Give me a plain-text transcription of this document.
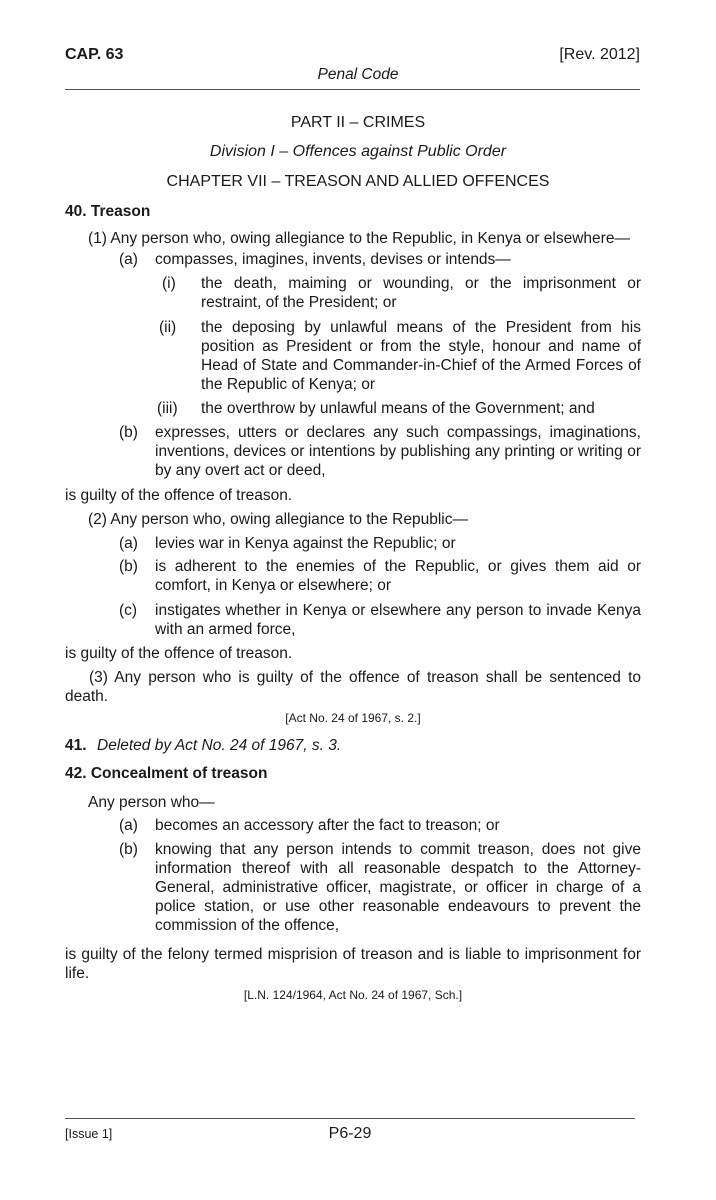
CAP. 63	[Rev. 2012]
Penal Code
PART II – CRIMES
Division I – Offences against Public Order
CHAPTER VII – TREASON AND ALLIED OFFENCES
40. Treason
(1) Any person who, owing allegiance to the Republic, in Kenya or elsewhere—
(a) compasses, imagines, invents, devises or intends—
(i) the death, maiming or wounding, or the imprisonment or restraint, of the President; or
(ii) the deposing by unlawful means of the President from his position as President or from the style, honour and name of Head of State and Commander-in-Chief of the Armed Forces of the Republic of Kenya; or
(iii) the overthrow by unlawful means of the Government; and
(b) expresses, utters or declares any such compassings, imaginations, inventions, devices or intentions by publishing any printing or writing or by any overt act or deed,
is guilty of the offence of treason.
(2) Any person who, owing allegiance to the Republic—
(a) levies war in Kenya against the Republic; or
(b) is adherent to the enemies of the Republic, or gives them aid or comfort, in Kenya or elsewhere; or
(c) instigates whether in Kenya or elsewhere any person to invade Kenya with an armed force,
is guilty of the offence of treason.
(3) Any person who is guilty of the offence of treason shall be sentenced to death.
[Act No. 24 of 1967, s. 2.]
41. Deleted by Act No. 24 of 1967, s. 3.
42. Concealment of treason
Any person who—
(a) becomes an accessory after the fact to treason; or
(b) knowing that any person intends to commit treason, does not give information thereof with all reasonable despatch to the Attorney-General, administrative officer, magistrate, or officer in charge of a police station, or use other reasonable endeavours to prevent the commission of the offence,
is guilty of the felony termed misprision of treason and is liable to imprisonment for life.
[L.N. 124/1964, Act No. 24 of 1967, Sch.]
[Issue 1]	P6-29
